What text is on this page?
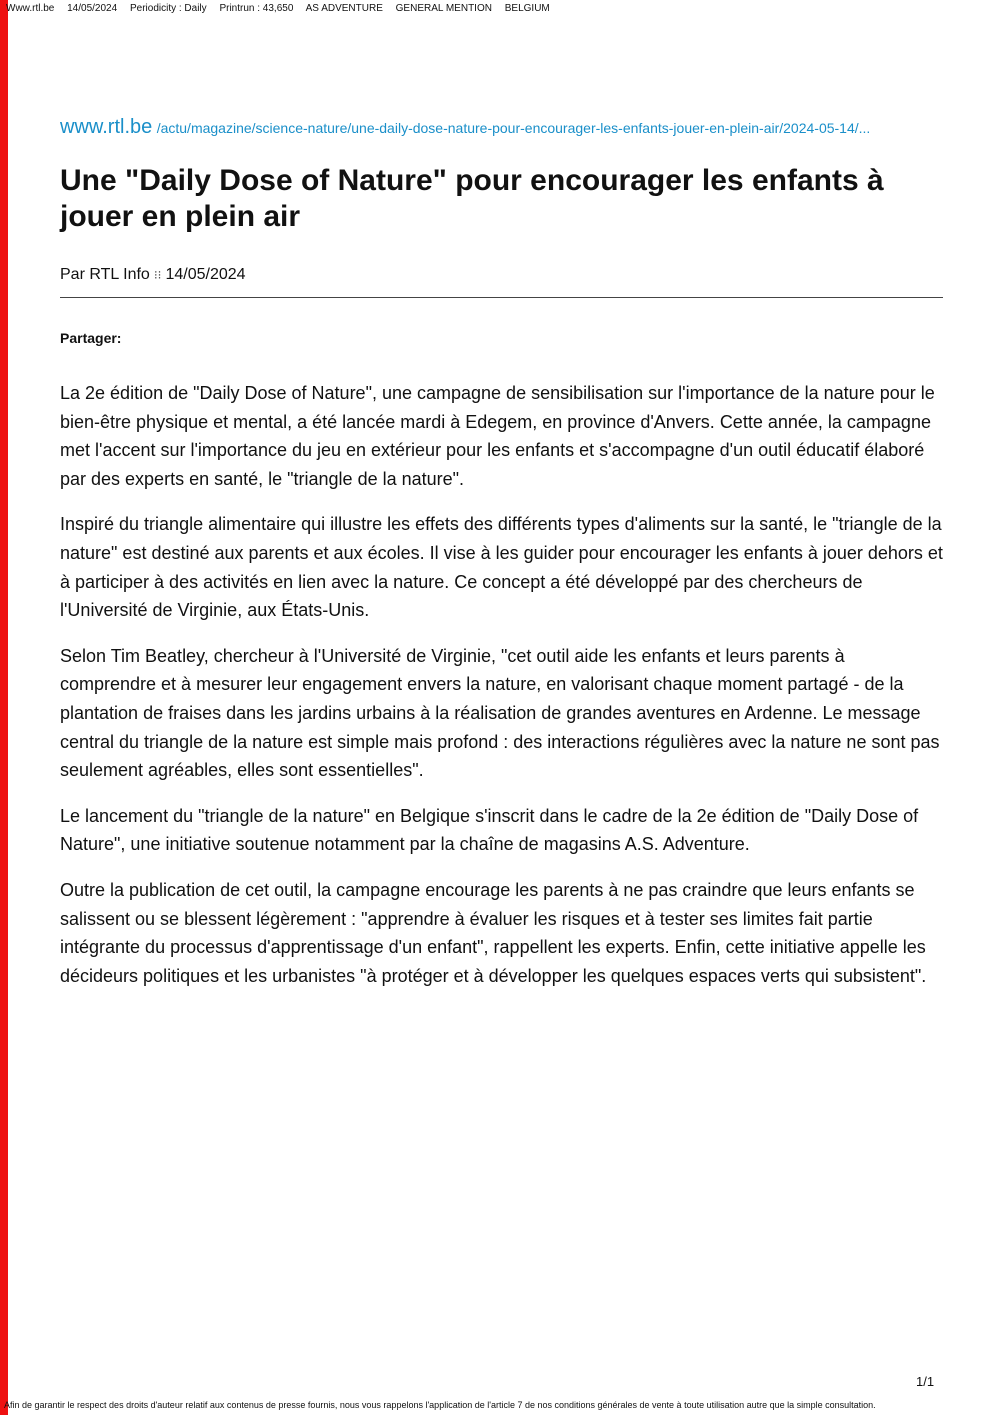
Www.rtl.be 14/05/2024 Periodicity : Daily Printrun : 43,650 AS ADVENTURE GENERAL MENTION BELGIUM
www.rtl.be /actu/magazine/science-nature/une-daily-dose-nature-pour-encourager-les-enfants-jouer-en-plein-air/2024-05-14/...
Une "Daily Dose of Nature" pour encourager les enfants à jouer en plein air
Par RTL Info ⁝⁝ 14/05/2024
Partager:

La 2e édition de "Daily Dose of Nature", une campagne de sensibilisation sur l'importance de la nature pour le bien-être physique et mental, a été lancée mardi à Edegem, en province d'Anvers. Cette année, la campagne met l'accent sur l'importance du jeu en extérieur pour les enfants et s'accompagne d'un outil éducatif élaboré par des experts en santé, le "triangle de la nature".

Inspiré du triangle alimentaire qui illustre les effets des différents types d'aliments sur la santé, le "triangle de la nature" est destiné aux parents et aux écoles. Il vise à les guider pour encourager les enfants à jouer dehors et à participer à des activités en lien avec la nature. Ce concept a été développé par des chercheurs de l'Université de Virginie, aux États-Unis.

Selon Tim Beatley, chercheur à l'Université de Virginie, "cet outil aide les enfants et leurs parents à comprendre et à mesurer leur engagement envers la nature, en valorisant chaque moment partagé - de la plantation de fraises dans les jardins urbains à la réalisation de grandes aventures en Ardenne. Le message central du triangle de la nature est simple mais profond : des interactions régulières avec la nature ne sont pas seulement agréables, elles sont essentielles".

Le lancement du "triangle de la nature" en Belgique s'inscrit dans le cadre de la 2e édition de "Daily Dose of Nature", une initiative soutenue notamment par la chaîne de magasins A.S. Adventure.

Outre la publication de cet outil, la campagne encourage les parents à ne pas craindre que leurs enfants se salissent ou se blessent légèrement : "apprendre à évaluer les risques et à tester ses limites fait partie intégrante du processus d'apprentissage d'un enfant", rappellent les experts. Enfin, cette initiative appelle les décideurs politiques et les urbanistes "à protéger et à développer les quelques espaces verts qui subsistent".

1/1
Afin de garantir le respect des droits d'auteur relatif aux contenus de presse fournis, nous vous rappelons l'application de l'article 7 de nos conditions générales de vente à toute utilisation autre que la simple consultation.
